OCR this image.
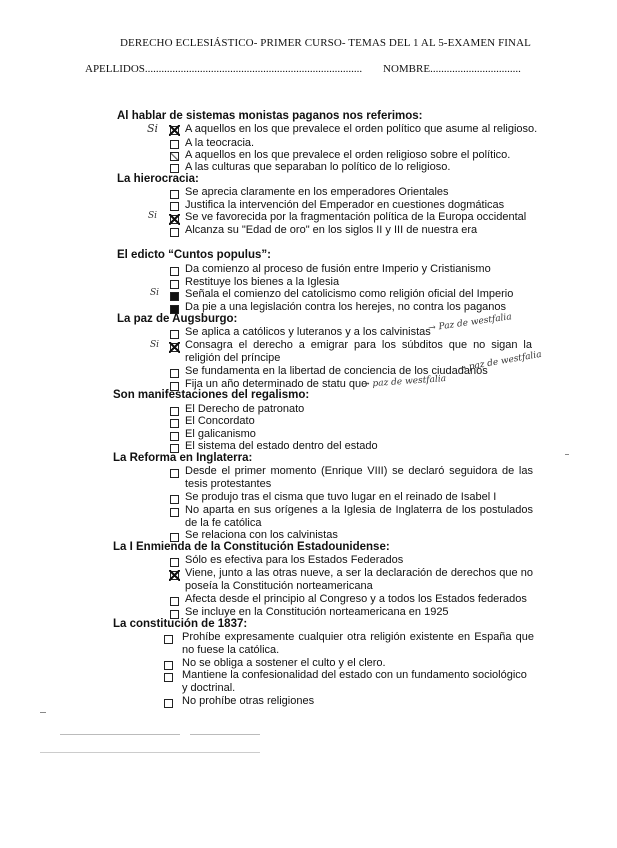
DERECHO ECLESIÁSTICO- PRIMER CURSO- TEMAS DEL 1 AL 5-EXAMEN FINAL
APELLIDOS............................................................................... NOMBRE.................................
Al hablar de sistemas monistas paganos nos referimos:
Si A aquellos en los que prevalece el orden político que asume al religioso.
A la teocracia.
A aquellos en los que prevalece el orden religioso sobre el político.
A las culturas que separaban lo político de lo religioso.
La hierocracia:
Se aprecia claramente en los emperadores Orientales
Justifica la intervención del Emperador en cuestiones dogmáticas
Si	Se ve favorecida por la fragmentación política de la Europa occidental
Alcanza su "Edad de oro" en los siglos II y III de nuestra era
El edicto “Cuntos populus”:
Da comienzo al proceso de fusión entre Imperio y Cristianismo
Restituye los bienes a la Iglesia
Si Señala el comienzo del catolicismo como religión oficial del Imperio
Da pie a una legislación contra los herejes, no contra los paganos
La paz de Augsburgo:
Se aplica a católicos y luteranos y a los calvinistas
→ Paz de westfalia
Si Consagra el derecho a emigrar para los súbditos que no sigan la religión del príncipe
Se fundamenta en la libertad de conciencia de los ciudadanos
→ paz de westfalia
Fija un año determinado de statu quo
→ paz de westfalia
Son manifestaciones del regalismo:
El Derecho de patronato
El Concordato
El galicanismo
El sistema del estado dentro del estado
La Reforma en Inglaterra:
Desde el primer momento (Enrique VIII) se declaró seguidora de las tesis protestantes
Se produjo tras el cisma que tuvo lugar en el reinado de Isabel I
No aparta en sus orígenes a la Iglesia de Inglaterra de los postulados de la fe católica
Se relaciona con los calvinistas
La I Enmienda de la Constitución Estadounidense:
Sólo es efectiva para los Estados Federados
Viene, junto a las otras nueve, a ser la declaración de derechos que no poseía la Constitución norteamericana
Afecta desde el principio al Congreso y a todos los Estados federados
Se incluye en la Constitución norteamericana en 1925
La constitución de 1837:
Prohíbe expresamente cualquier otra religión existente en España que no fuese la católica.
No se obliga a sostener el culto y el clero.
Mantiene la confesionalidad del estado con un fundamento sociológico y doctrinal.
No prohíbe otras religiones
